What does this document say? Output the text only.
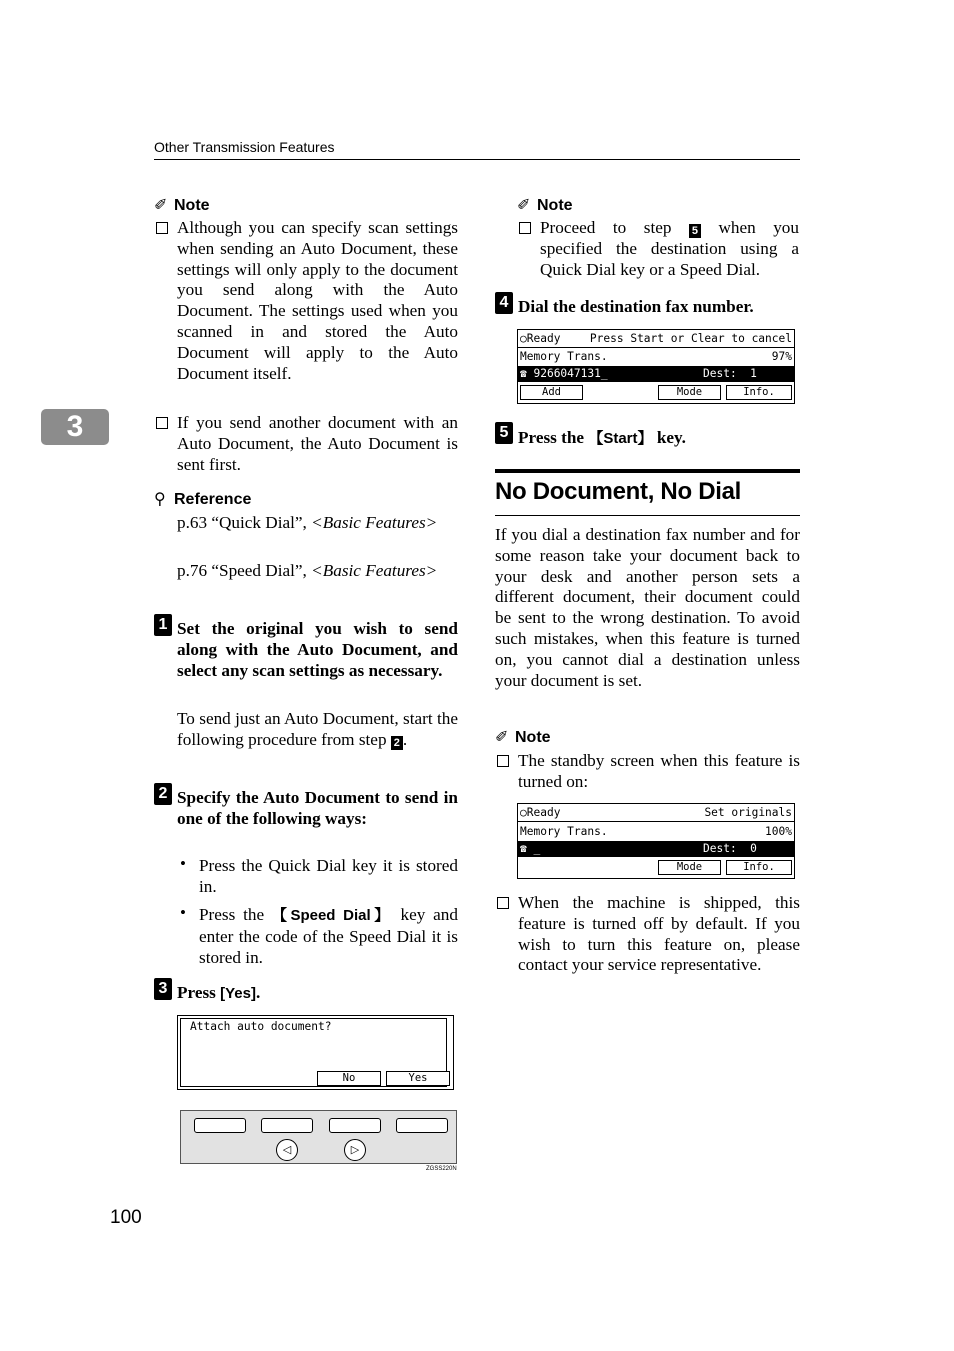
Other Transmission Features
3
✐ Note
Although you can specify scan settings when sending an Auto Document, these settings will only apply to the document you send along with the Auto Document. The settings used when you scanned in and stored the Auto Document will apply to the Auto Document itself.
If you send another document with an Auto Document, the Auto Document is sent first.
⚲ Reference
p.63 “Quick Dial”, <Basic Features>
p.76 “Speed Dial”, <Basic Features>
1 Set the original you wish to send along with the Auto Document, and select any scan settings as necessary.
To send just an Auto Document, start the following procedure from step 2 .
2 Specify the Auto Document to send in one of the following ways:
• Press the Quick Dial key it is stored in.
• Press the 【Speed Dial】 key and enter the code of the Speed Dial it is stored in.
3 Press [Yes].
Attach auto document?
No	Yes
◁	▷
ZGSS220N
✐ Note
Proceed to step 5 when you specified the destination using a Quick Dial key or a Speed Dial.
4 Dial the destination fax number.
○Ready	Press Start or Clear to cancel
Memory Trans.	97%
☎ 9266047131_	Dest:  1
Add	Mode	Info.
5 Press the 【Start】 key.
No Document, No Dial
If you dial a destination fax number and for some reason take your document back to your desk and another person sets a different document, their document could be sent to the wrong destination. To avoid such mistakes, when this feature is turned on, you cannot dial a destination unless your document is set.
✐ Note
The standby screen when this feature is turned on:
○Ready	Set originals
Memory Trans.	100%
☎ _	Dest:  0
Mode	Info.
When the machine is shipped, this feature is turned off by default. If you wish to turn this feature on, please contact your service representative.
100
